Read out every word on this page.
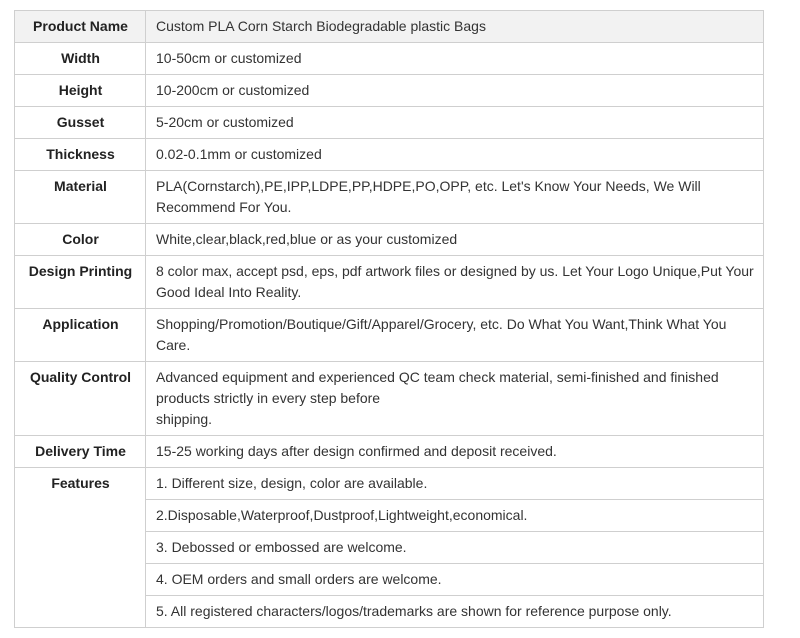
Product Name	Custom PLA Corn Starch Biodegradable plastic Bags

Width	10-50cm or customized

Height	10-200cm or customized

Gusset	5-20cm or customized

Thickness	0.02-0.1mm or customized

Material	PLA(Cornstarch),PE,IPP,LDPE,PP,HDPE,PO,OPP, etc. Let's Know Your Needs, We Will Recommend For You.

Color	White,clear,black,red,blue or as your customized

Design Printing	8 color max, accept psd, eps, pdf artwork files or designed by us. Let Your Logo Unique,Put Your Good Ideal Into Reality.

Application	Shopping/Promotion/Boutique/Gift/Apparel/Grocery, etc. Do What You Want,Think What You Care.

Quality Control	Advanced equipment and experienced QC team check material, semi-finished and finished products strictly in every step before
shipping.

Delivery Time	15-25 working days after design confirmed and deposit received.

Features	1. Different size, design, color are available.
	2.Disposable,Waterproof,Dustproof,Lightweight,economical.
	3. Debossed or embossed are welcome.
	4. OEM orders and small orders are welcome.
	5. All registered characters/logos/trademarks are shown for reference purpose only.
